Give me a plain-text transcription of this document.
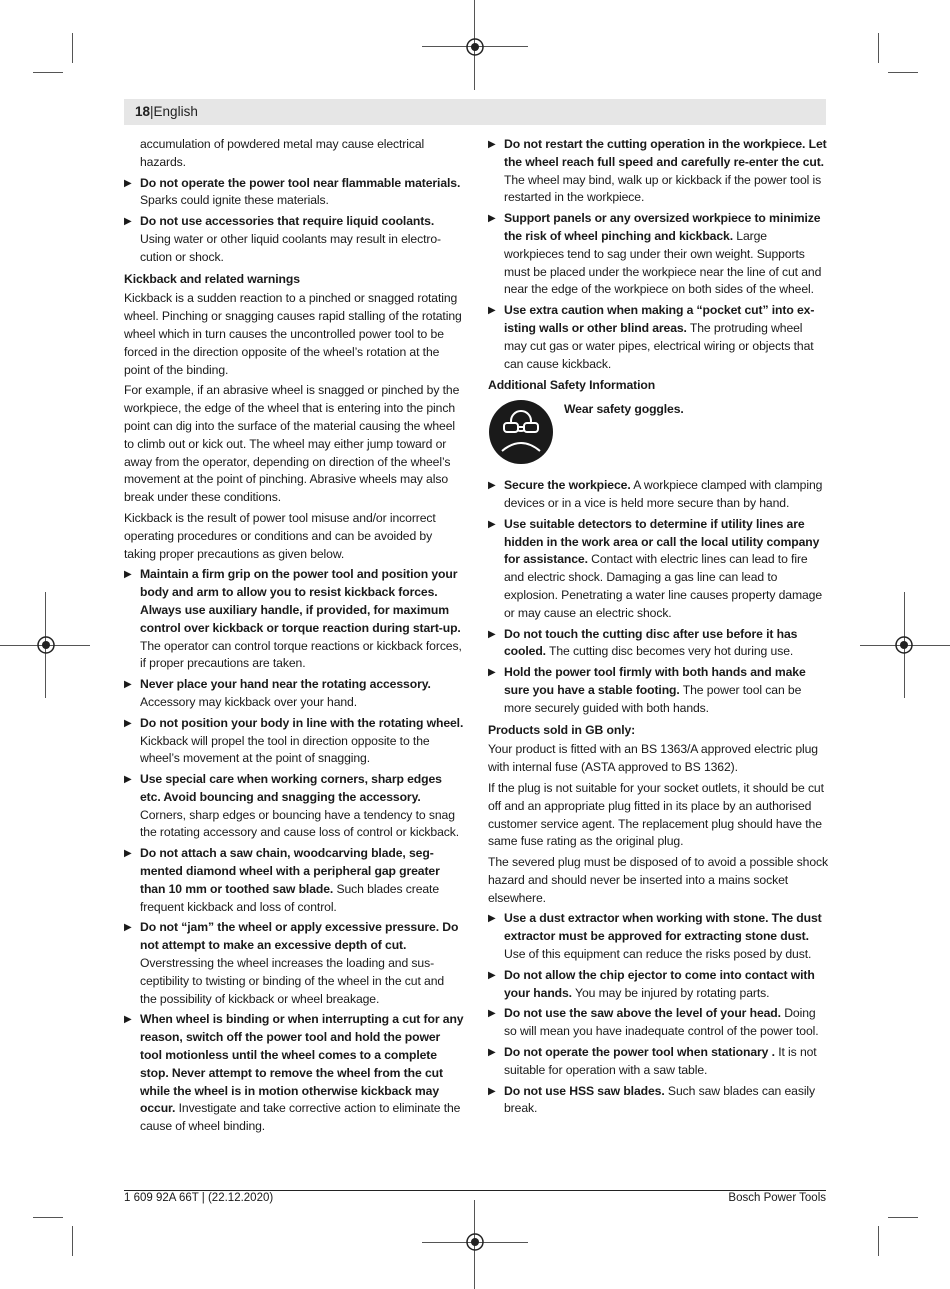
18|English

accumulation of powdered metal may cause electrical hazards.

▶ Do not operate the power tool near flammable materials. Sparks could ignite these materials.
▶ Do not use accessories that require liquid coolants. Using water or other liquid coolants may result in electrocution or shock.
Kickback and related warnings

Kickback is a sudden reaction to a pinched or snagged rotating wheel. Pinching or snagging causes rapid stalling of the rotating wheel which in turn causes the uncontrolled power tool to be forced in the direction opposite of the wheel’s rotation at the point of the binding.

For example, if an abrasive wheel is snagged or pinched by the workpiece, the edge of the wheel that is entering into the pinch point can dig into the surface of the material causing the wheel to climb out or kick out. The wheel may either jump toward or away from the operator, depending on direction of the wheel’s movement at the point of pinching. Abrasive wheels may also break under these conditions.

Kickback is the result of power tool misuse and/or incorrect operating procedures or conditions and can be avoided by taking proper precautions as given below.

▶ Maintain a firm grip on the power tool and position your body and arm to allow you to resist kickback forces. Always use auxiliary handle, if provided, for maximum control over kickback or torque reaction during start-up. The operator can control torque reactions or kickback forces, if proper precautions are taken.
▶ Never place your hand near the rotating accessory. Accessory may kickback over your hand.
▶ Do not position your body in line with the rotating wheel. Kickback will propel the tool in direction opposite to the wheel’s movement at the point of snagging.
▶ Use special care when working corners, sharp edges etc. Avoid bouncing and snagging the accessory. Corners, sharp edges or bouncing have a tendency to snag the rotating accessory and cause loss of control or kickback.
▶ Do not attach a saw chain, woodcarving blade, segmented diamond wheel with a peripheral gap greater than 10 mm or toothed saw blade. Such blades create frequent kickback and loss of control.
▶ Do not “jam” the wheel or apply excessive pressure. Do not attempt to make an excessive depth of cut. Overstressing the wheel increases the loading and susceptibility to twisting or binding of the wheel in the cut and the possibility of kickback or wheel breakage.
▶ When wheel is binding or when interrupting a cut for any reason, switch off the power tool and hold the power tool motionless until the wheel comes to a complete stop. Never attempt to remove the wheel from the cut while the wheel is in motion otherwise kickback may occur. Investigate and take corrective action to eliminate the cause of wheel binding.
▶ Do not restart the cutting operation in the workpiece. Let the wheel reach full speed and carefully re-enter the cut. The wheel may bind, walk up or kickback if the power tool is restarted in the workpiece.
▶ Support panels or any oversized workpiece to minimize the risk of wheel pinching and kickback. Large workpieces tend to sag under their own weight. Supports must be placed under the workpiece near the line of cut and near the edge of the workpiece on both sides of the wheel.
▶ Use extra caution when making a “pocket cut” into existing walls or other blind areas. The protruding wheel may cut gas or water pipes, electrical wiring or objects that can cause kickback.
Additional Safety Information
Wear safety goggles.
▶ Secure the workpiece. A workpiece clamped with clamping devices or in a vice is held more secure than by hand.
▶ Use suitable detectors to determine if utility lines are hidden in the work area or call the local utility company for assistance. Contact with electric lines can lead to fire and electric shock. Damaging a gas line can lead to explosion. Penetrating a water line causes property damage or may cause an electric shock.
▶ Do not touch the cutting disc after use before it has cooled. The cutting disc becomes very hot during use.
▶ Hold the power tool firmly with both hands and make sure you have a stable footing. The power tool can be more securely guided with both hands.
Products sold in GB only:

Your product is fitted with an BS 1363/A approved electric plug with internal fuse (ASTA approved to BS 1362).

If the plug is not suitable for your socket outlets, it should be cut off and an appropriate plug fitted in its place by an authorised customer service agent. The replacement plug should have the same fuse rating as the original plug.

The severed plug must be disposed of to avoid a possible shock hazard and should never be inserted into a mains socket elsewhere.

▶ Use a dust extractor when working with stone. The dust extractor must be approved for extracting stone dust. Use of this equipment can reduce the risks posed by dust.
▶ Do not allow the chip ejector to come into contact with your hands. You may be injured by rotating parts.
▶ Do not use the saw above the level of your head. Doing so will mean you have inadequate control of the power tool.
▶ Do not operate the power tool when stationary . It is not suitable for operation with a saw table.
▶ Do not use HSS saw blades. Such saw blades can easily break.
1 609 92A 66T | (22.12.2020)	Bosch Power Tools
